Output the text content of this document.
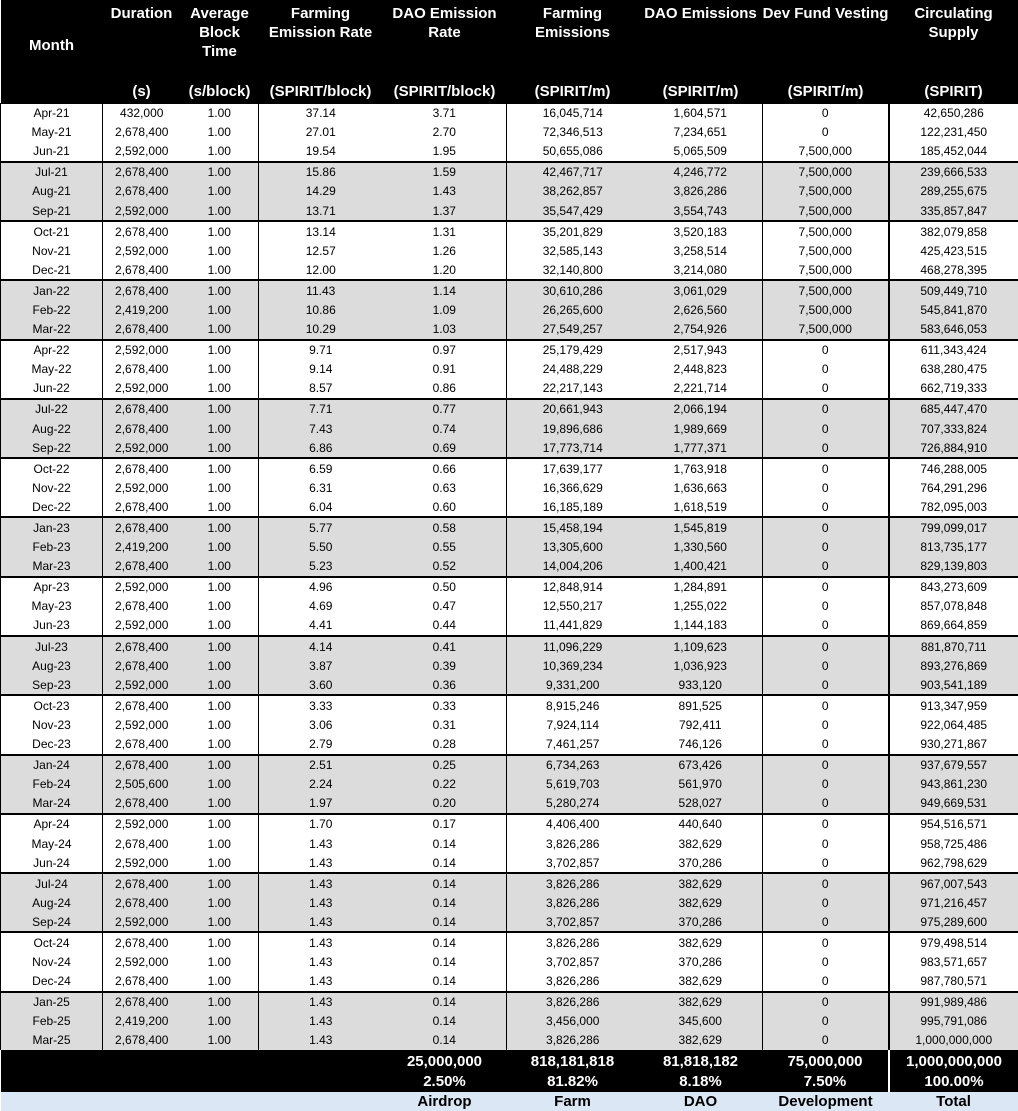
Month	Duration	Average Block Time	Farming Emission Rate	DAO Emission Rate	Farming Emissions	DAO Emissions	Dev Fund Vesting	Circulating Supply
	(s)	(s/block)	(SPIRIT/block)	(SPIRIT/block)	(SPIRIT/m)	(SPIRIT/m)	(SPIRIT/m)	(SPIRIT)
Apr-21	432,000	1.00	37.14	3.71	16,045,714	1,604,571	0	42,650,286
May-21	2,678,400	1.00	27.01	2.70	72,346,513	7,234,651	0	122,231,450
Jun-21	2,592,000	1.00	19.54	1.95	50,655,086	5,065,509	7,500,000	185,452,044
Jul-21	2,678,400	1.00	15.86	1.59	42,467,717	4,246,772	7,500,000	239,666,533
Aug-21	2,678,400	1.00	14.29	1.43	38,262,857	3,826,286	7,500,000	289,255,675
Sep-21	2,592,000	1.00	13.71	1.37	35,547,429	3,554,743	7,500,000	335,857,847
Oct-21	2,678,400	1.00	13.14	1.31	35,201,829	3,520,183	7,500,000	382,079,858
Nov-21	2,592,000	1.00	12.57	1.26	32,585,143	3,258,514	7,500,000	425,423,515
Dec-21	2,678,400	1.00	12.00	1.20	32,140,800	3,214,080	7,500,000	468,278,395
Jan-22	2,678,400	1.00	11.43	1.14	30,610,286	3,061,029	7,500,000	509,449,710
Feb-22	2,419,200	1.00	10.86	1.09	26,265,600	2,626,560	7,500,000	545,841,870
Mar-22	2,678,400	1.00	10.29	1.03	27,549,257	2,754,926	7,500,000	583,646,053
Apr-22	2,592,000	1.00	9.71	0.97	25,179,429	2,517,943	0	611,343,424
May-22	2,678,400	1.00	9.14	0.91	24,488,229	2,448,823	0	638,280,475
Jun-22	2,592,000	1.00	8.57	0.86	22,217,143	2,221,714	0	662,719,333
Jul-22	2,678,400	1.00	7.71	0.77	20,661,943	2,066,194	0	685,447,470
Aug-22	2,678,400	1.00	7.43	0.74	19,896,686	1,989,669	0	707,333,824
Sep-22	2,592,000	1.00	6.86	0.69	17,773,714	1,777,371	0	726,884,910
Oct-22	2,678,400	1.00	6.59	0.66	17,639,177	1,763,918	0	746,288,005
Nov-22	2,592,000	1.00	6.31	0.63	16,366,629	1,636,663	0	764,291,296
Dec-22	2,678,400	1.00	6.04	0.60	16,185,189	1,618,519	0	782,095,003
Jan-23	2,678,400	1.00	5.77	0.58	15,458,194	1,545,819	0	799,099,017
Feb-23	2,419,200	1.00	5.50	0.55	13,305,600	1,330,560	0	813,735,177
Mar-23	2,678,400	1.00	5.23	0.52	14,004,206	1,400,421	0	829,139,803
Apr-23	2,592,000	1.00	4.96	0.50	12,848,914	1,284,891	0	843,273,609
May-23	2,678,400	1.00	4.69	0.47	12,550,217	1,255,022	0	857,078,848
Jun-23	2,592,000	1.00	4.41	0.44	11,441,829	1,144,183	0	869,664,859
Jul-23	2,678,400	1.00	4.14	0.41	11,096,229	1,109,623	0	881,870,711
Aug-23	2,678,400	1.00	3.87	0.39	10,369,234	1,036,923	0	893,276,869
Sep-23	2,592,000	1.00	3.60	0.36	9,331,200	933,120	0	903,541,189
Oct-23	2,678,400	1.00	3.33	0.33	8,915,246	891,525	0	913,347,959
Nov-23	2,592,000	1.00	3.06	0.31	7,924,114	792,411	0	922,064,485
Dec-23	2,678,400	1.00	2.79	0.28	7,461,257	746,126	0	930,271,867
Jan-24	2,678,400	1.00	2.51	0.25	6,734,263	673,426	0	937,679,557
Feb-24	2,505,600	1.00	2.24	0.22	5,619,703	561,970	0	943,861,230
Mar-24	2,678,400	1.00	1.97	0.20	5,280,274	528,027	0	949,669,531
Apr-24	2,592,000	1.00	1.70	0.17	4,406,400	440,640	0	954,516,571
May-24	2,678,400	1.00	1.43	0.14	3,826,286	382,629	0	958,725,486
Jun-24	2,592,000	1.00	1.43	0.14	3,702,857	370,286	0	962,798,629
Jul-24	2,678,400	1.00	1.43	0.14	3,826,286	382,629	0	967,007,543
Aug-24	2,678,400	1.00	1.43	0.14	3,826,286	382,629	0	971,216,457
Sep-24	2,592,000	1.00	1.43	0.14	3,702,857	370,286	0	975,289,600
Oct-24	2,678,400	1.00	1.43	0.14	3,826,286	382,629	0	979,498,514
Nov-24	2,592,000	1.00	1.43	0.14	3,702,857	370,286	0	983,571,657
Dec-24	2,678,400	1.00	1.43	0.14	3,826,286	382,629	0	987,780,571
Jan-25	2,678,400	1.00	1.43	0.14	3,826,286	382,629	0	991,989,486
Feb-25	2,419,200	1.00	1.43	0.14	3,456,000	345,600	0	995,791,086
Mar-25	2,678,400	1.00	1.43	0.14	3,826,286	382,629	0	1,000,000,000
				25,000,000	818,181,818	81,818,182	75,000,000	1,000,000,000
				2.50%	81.82%	8.18%	7.50%	100.00%
				Airdrop	Farm	DAO	Development	Total
